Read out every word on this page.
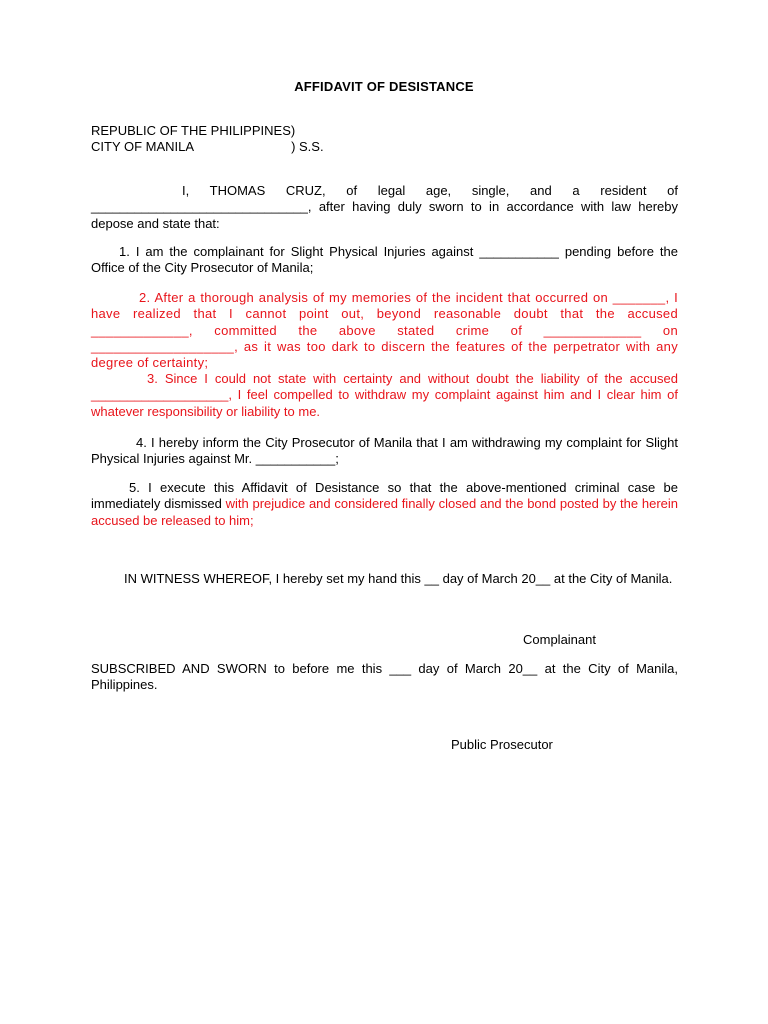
AFFIDAVIT OF DESISTANCE
REPUBLIC OF THE PHILIPPINES)
CITY OF MANILA	) S.S.
I, THOMAS CRUZ, of legal age, single, and a resident of ______________________________, after having duly sworn to in accordance with law hereby depose and state that:
1. I am the complainant for Slight Physical Injuries against ___________ pending before the Office of the City Prosecutor of Manila;
2. After a thorough analysis of my memories of the incident that occurred on _______, I have realized that I cannot point out, beyond reasonable doubt that the accused _____________, committed the above stated crime of _____________ on ___________________, as it was too dark to discern the features of the perpetrator with any degree of certainty;
3. Since I could not state with certainty and without doubt the liability of the accused ___________________, I feel compelled to withdraw my complaint against him and I clear him of whatever responsibility or liability to me.
4. I hereby inform the City Prosecutor of Manila that I am withdrawing my complaint for Slight Physical Injuries against Mr. ___________;
5. I execute this Affidavit of Desistance so that the above-mentioned criminal case be immediately dismissed with prejudice and considered finally closed and the bond posted by the herein accused be released to him;
IN WITNESS WHEREOF, I hereby set my hand this __ day of March 20__ at the City of Manila.
Complainant
SUBSCRIBED AND SWORN to before me this ___ day of March 20__ at the City of Manila, Philippines.
Public Prosecutor
